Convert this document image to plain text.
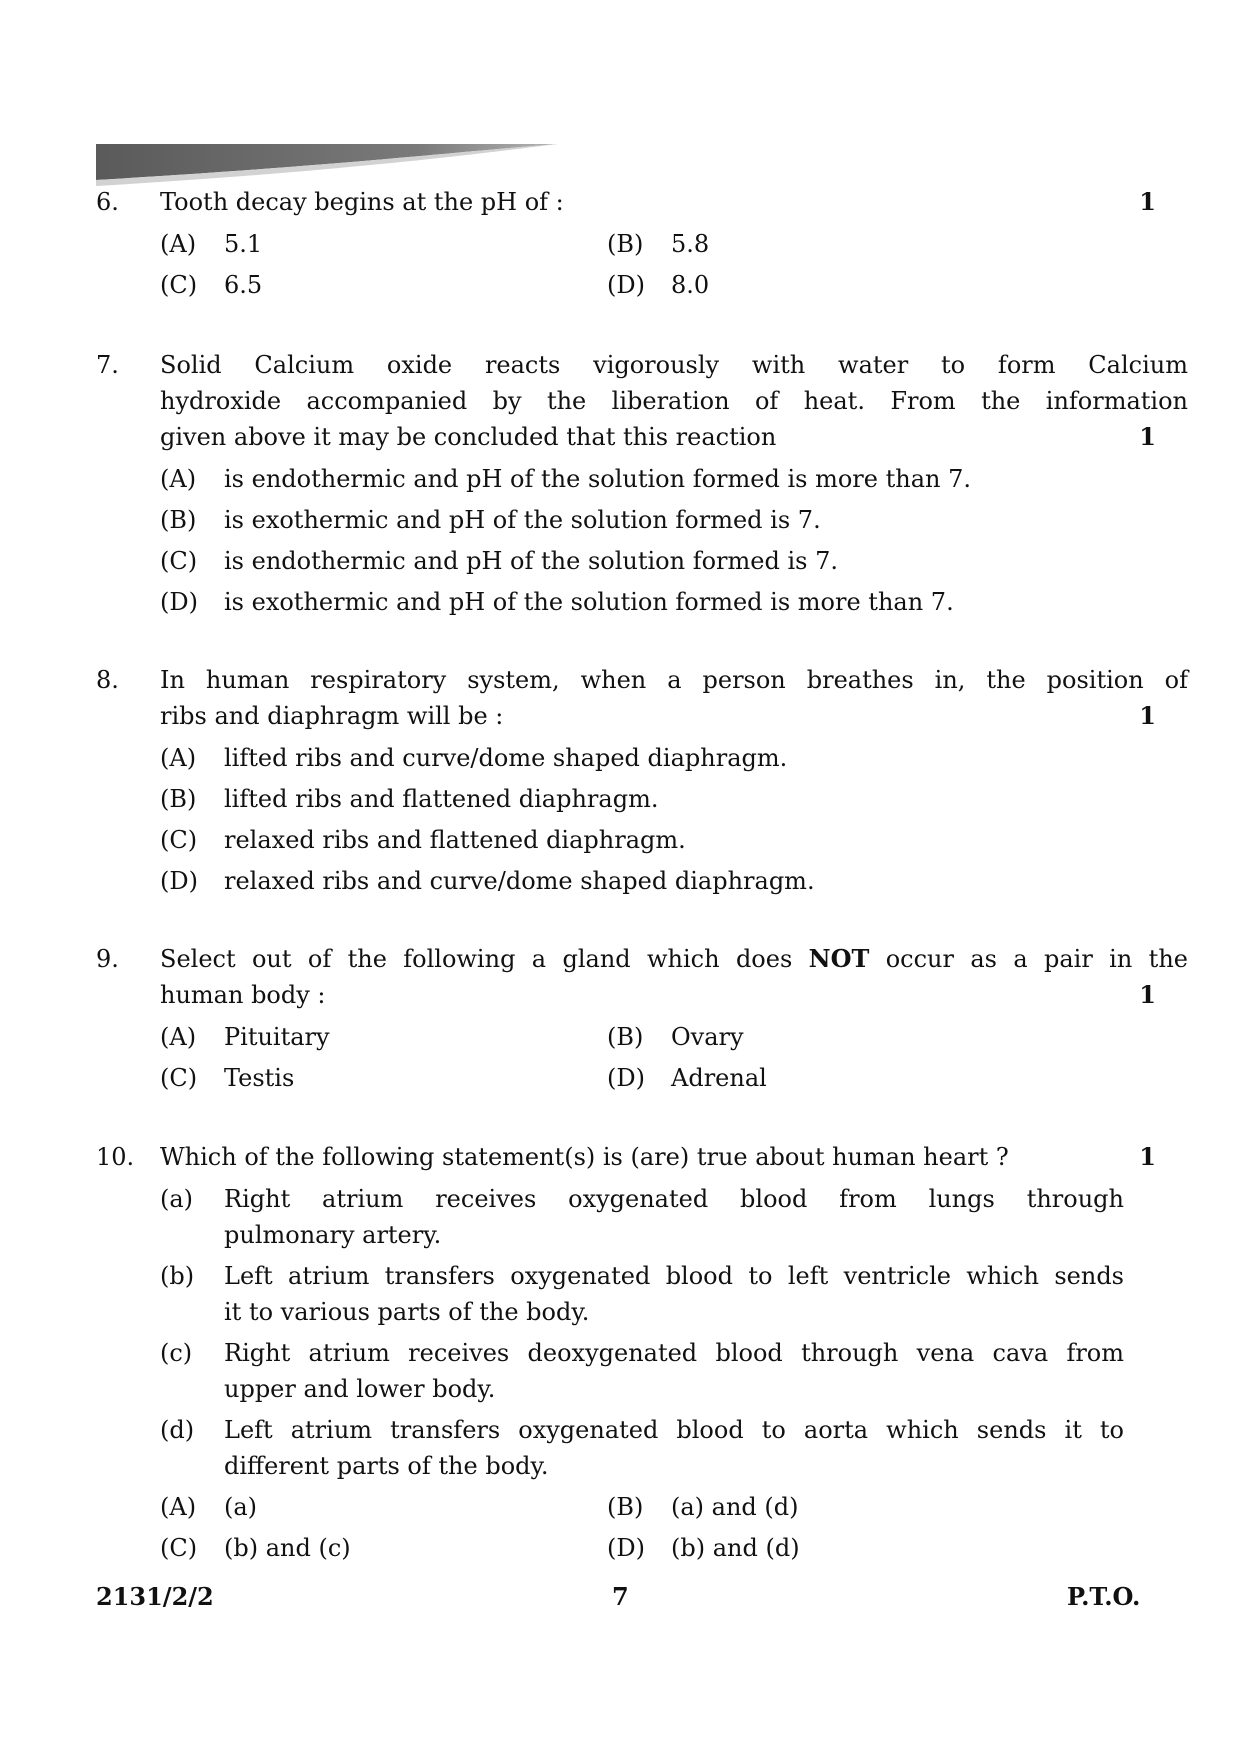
6.	1
Tooth decay begins at the pH of :
(A)	5.1	(B)	5.8
(C)	6.5	(D)	8.0
7.
1
Solid Calcium oxide reacts vigorously with water to form Calcium
hydroxide accompanied by the liberation of heat. From the information
given above it may be concluded that this reaction
(A)	is endothermic and pH of the solution formed is more than 7.
(B)	is exothermic and pH of the solution formed is 7.
(C)	is endothermic and pH of the solution formed is 7.
(D)	is exothermic and pH of the solution formed is more than 7.
8.
1
In human respiratory system, when a person breathes in, the position of
ribs and diaphragm will be :
(A)	lifted ribs and curve/dome shaped diaphragm.
(B)	lifted ribs and flattened diaphragm.
(C)	relaxed ribs and flattened diaphragm.
(D)	relaxed ribs and curve/dome shaped diaphragm.
9.
1
Select out of the following a gland which does NOT occur as a pair in the
human body :
(A)	Pituitary	(B)	Ovary
(C)	Testis	(D)	Adrenal
10.	1
Which of the following statement(s) is (are) true about human heart ?
(a)	Right atrium receives oxygenated blood from lungs through
pulmonary artery.
(b)	Left atrium transfers oxygenated blood to left ventricle which sends
it to various parts of the body.
(c)	Right atrium receives deoxygenated blood through vena cava from
upper and lower body.
(d)	Left atrium transfers oxygenated blood to aorta which sends it to
different parts of the body.
(A)	(a)	(B)	(a) and (d)
(C)	(b) and (c)	(D)	(b) and (d)
2131/2/2	7	P.T.O.
